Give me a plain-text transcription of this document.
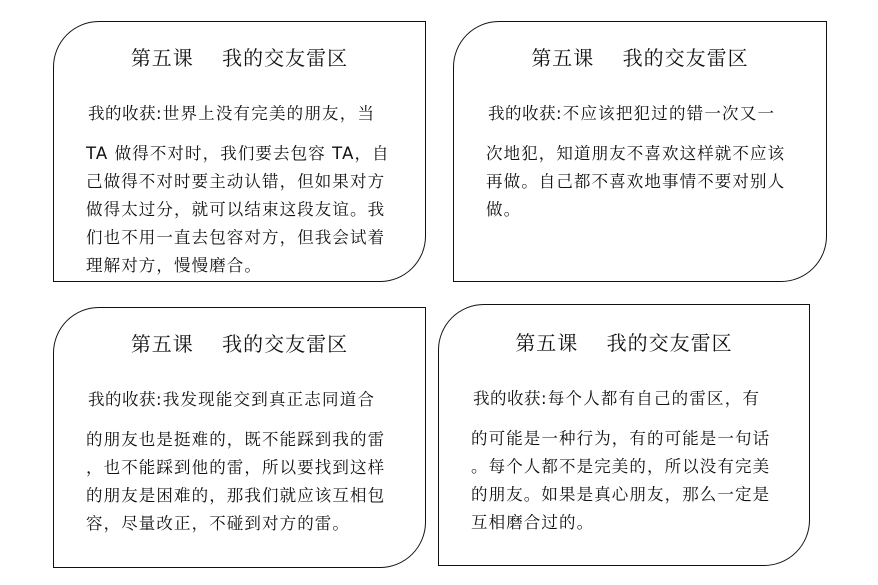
第五课　 我的交友雷区
我的收获:世界上没有完美的朋友，当
TA 做得不对时，我们要去包容 TA，自
己做得不对时要主动认错，但如果对方
做得太过分，就可以结束这段友谊。我
们也不用一直去包容对方，但我会试着
理解对方，慢慢磨合。
第五课　 我的交友雷区
我的收获:不应该把犯过的错一次又一
次地犯，知道朋友不喜欢这样就不应该
再做。自己都不喜欢地事情不要对别人
做。
第五课　 我的交友雷区
我的收获:我发现能交到真正志同道合
的朋友也是挺难的，既不能踩到我的雷
，也不能踩到他的雷，所以要找到这样
的朋友是困难的，那我们就应该互相包
容，尽量改正，不碰到对方的雷。
第五课　 我的交友雷区
我的收获:每个人都有自己的雷区，有
的可能是一种行为，有的可能是一句话
。每个人都不是完美的，所以没有完美
的朋友。如果是真心朋友，那么一定是
互相磨合过的。
